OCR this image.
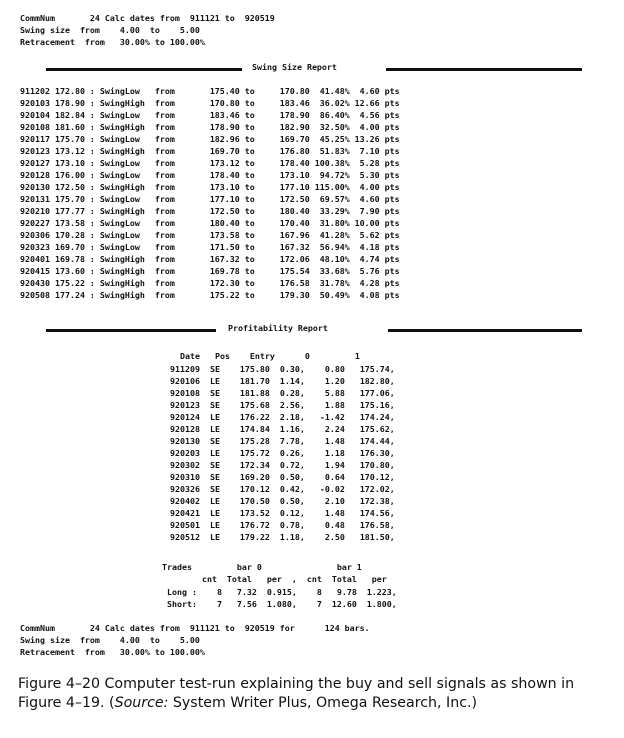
CommNum       24 Calc dates from  911121 to  920519
Swing size  from    4.00  to    5.00
Retracement  from   30.00% to 100.00%
Swing Size Report
911202 172.80 : SwingLow   from       175.40 to     170.80  41.48%  4.60 pts
920103 178.90 : SwingHigh  from       170.80 to     183.46  36.02% 12.66 pts
920104 182.84 : SwingLow   from       183.46 to     178.90  86.40%  4.56 pts
920108 181.60 : SwingHigh  from       178.90 to     182.90  32.50%  4.00 pts
920117 175.70 : SwingLow   from       182.96 to     169.70  45.25% 13.26 pts
920123 173.12 : SwingHigh  from       169.70 to     176.80  51.83%  7.10 pts
920127 173.10 : SwingLow   from       173.12 to     178.40 100.38%  5.28 pts
920128 176.00 : SwingLow   from       178.40 to     173.10  94.72%  5.30 pts
920130 172.50 : SwingHigh  from       173.10 to     177.10 115.00%  4.00 pts
920131 175.70 : SwingLow   from       177.10 to     172.50  69.57%  4.60 pts
920210 177.77 : SwingHigh  from       172.50 to     180.40  33.29%  7.90 pts
920227 173.58 : SwingLow   from       180.40 to     170.40  31.80% 10.00 pts
920306 170.28 : SwingLow   from       173.58 to     167.96  41.28%  5.62 pts
920323 169.70 : SwingLow   from       171.50 to     167.32  56.94%  4.18 pts
920401 169.78 : SwingHigh  from       167.32 to     172.06  48.10%  4.74 pts
920415 173.60 : SwingHigh  from       169.78 to     175.54  33.68%  5.76 pts
920430 175.22 : SwingHigh  from       172.30 to     176.58  31.78%  4.28 pts
920508 177.24 : SwingHigh  from       175.22 to     179.30  50.49%  4.08 pts
Profitability Report
Date   Pos    Entry      0         1
911209  SE    175.80  0.30,    0.80   175.74,
920106  LE    181.70  1.14,    1.20   182.80,
920108  SE    181.88  0.28,    5.88   177.06,
920123  SE    175.68  2.56,    1.88   175.16,
920124  LE    176.22  2.18,   -1.42   174.24,
920128  LE    174.84  1.16,    2.24   175.62,
920130  SE    175.28  7.78,    1.48   174.44,
920203  LE    175.72  0.26,    1.18   176.30,
920302  SE    172.34  0.72,    1.94   170.80,
920310  SE    169.20  0.50,    0.64   170.12,
920326  SE    170.12  0.42,   -0.02   172.02,
920402  LE    170.50  0.50,    2.10   172.38,
920421  LE    173.52  0.12,    1.48   174.56,
920501  LE    176.72  0.78,    0.48   176.58,
920512  LE    179.22  1.18,    2.50   181.50,
Trades         bar 0               bar 1
cnt  Total   per  ,  cnt  Total   per
Long :    8   7.32  0.915,    8   9.78  1.223,
Short:    7   7.56  1.080,    7  12.60  1.800,
CommNum       24 Calc dates from  911121 to  920519 for      124 bars.
Swing size  from    4.00  to    5.00
Retracement  from   30.00% to 100.00%
Figure 4–20 Computer test-run explaining the buy and sell signals as shown in Figure 4–19. (Source: System Writer Plus, Omega Research, Inc.)
